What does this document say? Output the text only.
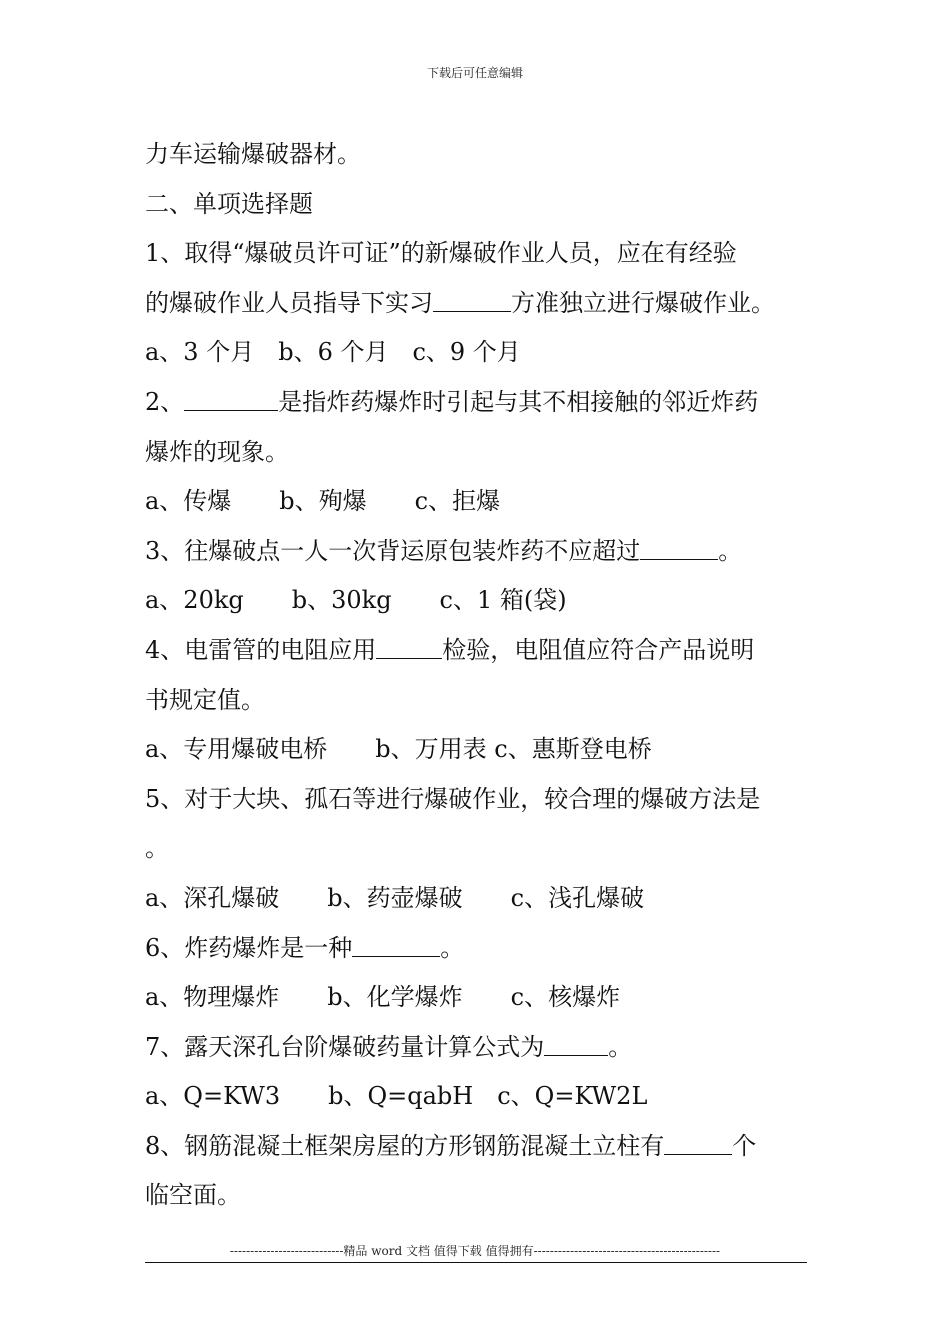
下载后可任意编辑
力车运输爆破器材。
二、单项选择题
1、取得“爆破员许可证”的新爆破作业人员，应在有经验
的爆破作业人员指导下实习	方准独立进行爆破作业。
a、3 个月　b、6 个月　c、9 个月
2、	是指炸药爆炸时引起与其不相接触的邻近炸药
爆炸的现象。
a、传爆　　b、殉爆　　c、拒爆
3、往爆破点一人一次背运原包装炸药不应超过	。
a、20kg　　b、30kg　　c、1 箱(袋)
4、电雷管的电阻应用	检验，电阻值应符合产品说明
书规定值。
a、专用爆破电桥　　b、万用表 c、惠斯登电桥
5、对于大块、孤石等进行爆破作业，较合理的爆破方法是
。
a、深孔爆破　　b、药壶爆破　　c、浅孔爆破
6、炸药爆炸是一种	。
a、物理爆炸　　b、化学爆炸　　c、核爆炸
7、露天深孔台阶爆破药量计算公式为	。
a、Q=KW3　　b、Q=qabH　c、Q=KW2L
8、钢筋混凝土框架房屋的方形钢筋混凝土立柱有	个
临空面。
----------------------------精品 word 文档 值得下载 值得拥有----------------------------------------------
